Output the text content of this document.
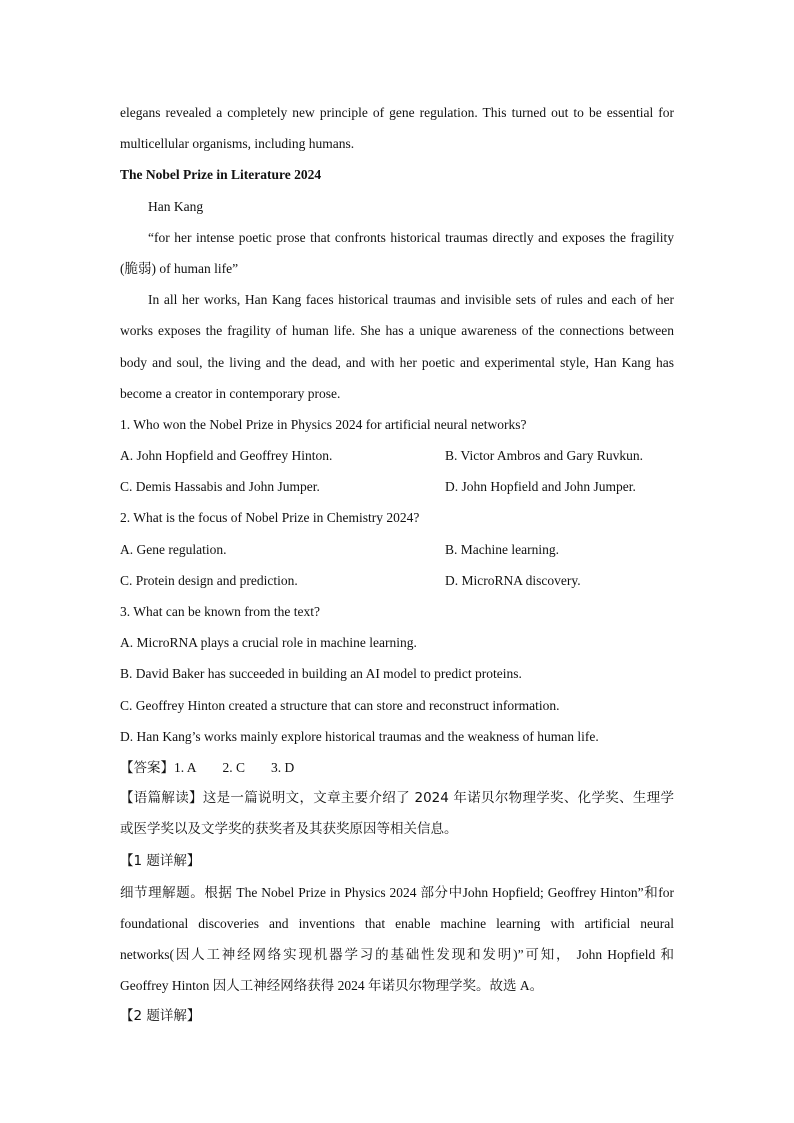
elegans revealed a completely new principle of gene regulation. This turned out to be essential for
multicellular organisms, including humans.
The Nobel Prize in Literature 2024
Han Kang
“for her intense poetic prose that confronts historical traumas directly and exposes the fragility
(脆弱) of human life”
In all her works, Han Kang faces historical traumas and invisible sets of rules and each of her
works exposes the fragility of human life. She has a unique awareness of the connections between
body and soul, the living and the dead, and with her poetic and experimental style, Han Kang has
become a creator in contemporary prose.
1. Who won the Nobel Prize in Physics 2024 for artificial neural networks?
A. John Hopfield and Geoffrey Hinton.	B. Victor Ambros and Gary Ruvkun.
C. Demis Hassabis and John Jumper.	D. John Hopfield and John Jumper.
2. What is the focus of Nobel Prize in Chemistry 2024?
A. Gene regulation.	B. Machine learning.
C. Protein design and prediction.	D. MicroRNA discovery.
3. What can be known from the text?
A. MicroRNA plays a crucial role in machine learning.
B. David Baker has succeeded in building an AI model to predict proteins.
C. Geoffrey Hinton created a structure that can store and reconstruct information.
D. Han Kang’s works mainly explore historical traumas and the weakness of human life.
【答案】1. A 2. C 3. D
【语篇解读】这是一篇说明文，文章主要介绍了 2024 年诺贝尔物理学奖、化学奖、生理学
或医学奖以及文学奖的获奖者及其获奖原因等相关信息。
【1 题详解】
细节理解题。根据 The Nobel Prize in Physics 2024 部分中John Hopfield; Geoffrey Hinton”和for
foundational discoveries and inventions that enable machine learning with artificial neural
networks(因人工神经网络实现机器学习的基础性发现和发明)”可知， John Hopfield 和
Geoffrey Hinton 因人工神经网络获得 2024 年诺贝尔物理学奖。故选 A。
【2 题详解】
